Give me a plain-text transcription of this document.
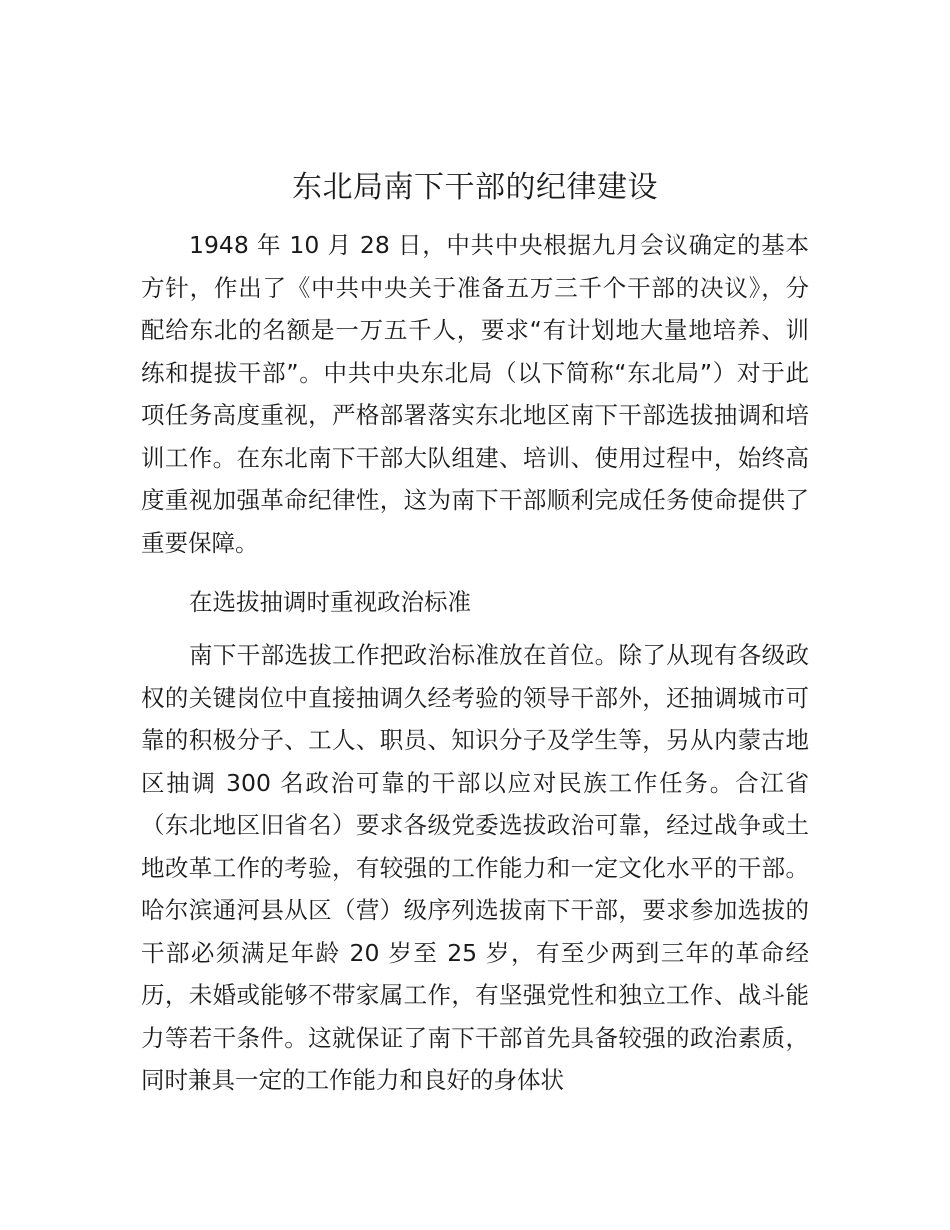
东北局南下干部的纪律建设

1948 年 10 月 28 日，中共中央根据九月会议确定的基本方针，作出了《中共中央关于准备五万三千个干部的决议》，分配给东北的名额是一万五千人，要求“有计划地大量地培养、训练和提拔干部”。中共中央东北局（以下简称“东北局”）对于此项任务高度重视，严格部署落实东北地区南下干部选拔抽调和培训工作。在东北南下干部大队组建、培训、使用过程中，始终高度重视加强革命纪律性，这为南下干部顺利完成任务使命提供了重要保障。

在选拔抽调时重视政治标准

南下干部选拔工作把政治标准放在首位。除了从现有各级政权的关键岗位中直接抽调久经考验的领导干部外，还抽调城市可靠的积极分子、工人、职员、知识分子及学生等，另从内蒙古地区抽调 300 名政治可靠的干部以应对民族工作任务。合江省（东北地区旧省名）要求各级党委选拔政治可靠，经过战争或土地改革工作的考验，有较强的工作能力和一定文化水平的干部。哈尔滨通河县从区（营）级序列选拔南下干部，要求参加选拔的干部必须满足年龄 20 岁至 25 岁，有至少两到三年的革命经历，未婚或能够不带家属工作，有坚强党性和独立工作、战斗能力等若干条件。这就保证了南下干部首先具备较强的政治素质，同时兼具一定的工作能力和良好的身体状
